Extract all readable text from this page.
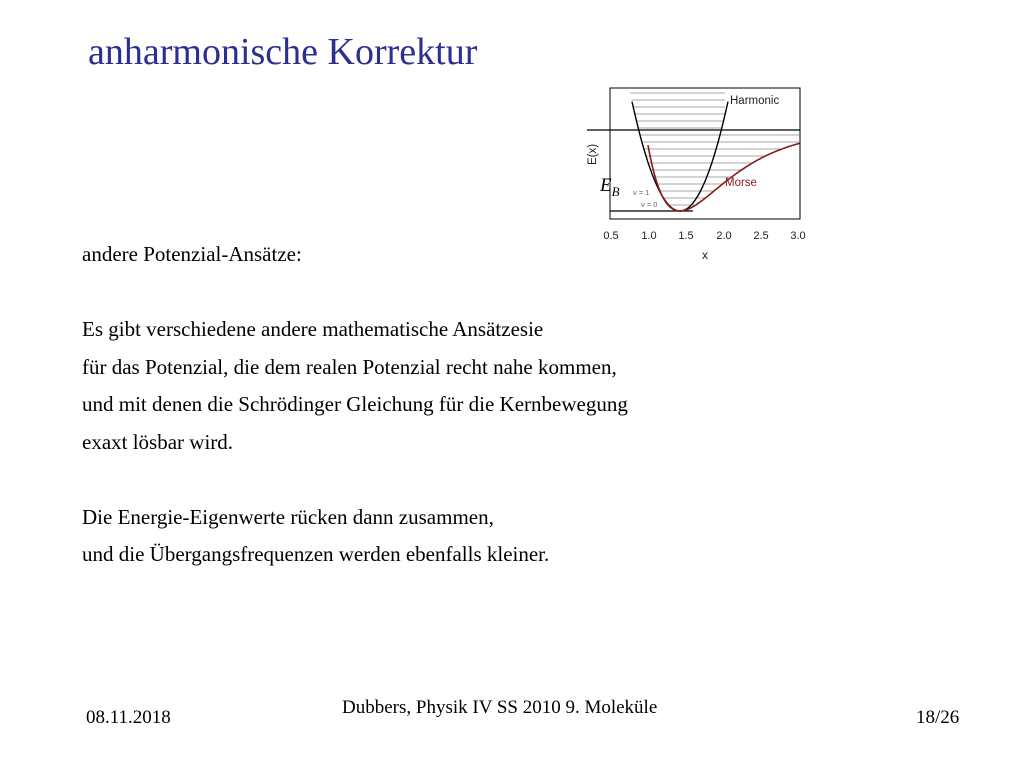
anharmonische Korrektur
0.5 1.0 1.5 2.0 2.5 3.0
Harmonic
Morse
v = 1
v = 0
$E_B$
E(x)
x
andere Potenzial-Ansätze:
Es gibt verschiedene andere mathematische Ansätzesie
für das Potenzial, die dem realen Potenzial recht nahe kommen,
und mit denen die Schrödinger Gleichung für die Kernbewegung
exaxt lösbar wird.
Die Energie-Eigenwerte rücken dann zusammen,
und die Übergangsfrequenzen werden ebenfalls kleiner.
08.11.2018	Dubbers, Physik IV SS 2010 9. Moleküle	18/26
